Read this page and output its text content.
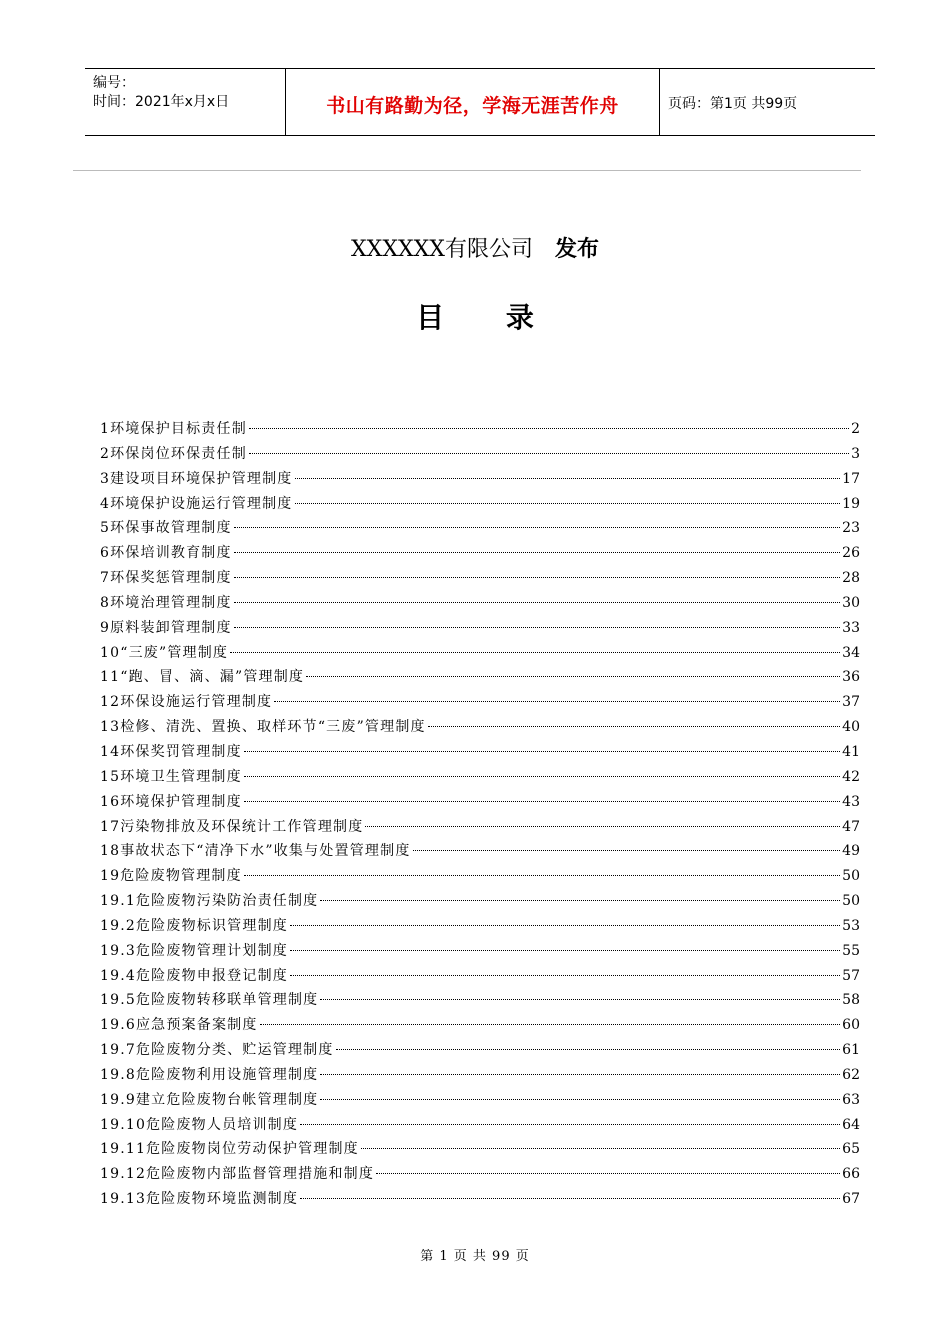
编号：
时间：2021年x月x日	书山有路勤为径，学海无涯苦作舟	页码：第1页 共99页
XXXXXX有限公司 发布
目 录
1环境保护目标责任制	2
2环保岗位环保责任制	3
3建设项目环境保护管理制度	17
4环境保护设施运行管理制度	19
5环保事故管理制度	23
6环保培训教育制度	26
7环保奖惩管理制度	28
8环境治理管理制度	30
9原料装卸管理制度	33
10“三废”管理制度	34
11“跑、冒、滴、漏”管理制度	36
12环保设施运行管理制度	37
13检修、清洗、置换、取样环节“三废”管理制度	40
14环保奖罚管理制度	41
15环境卫生管理制度	42
16环境保护管理制度	43
17污染物排放及环保统计工作管理制度	47
18事故状态下“清净下水”收集与处置管理制度	49
19危险废物管理制度	50
19.1危险废物污染防治责任制度	50
19.2危险废物标识管理制度	53
19.3危险废物管理计划制度	55
19.4危险废物申报登记制度	57
19.5危险废物转移联单管理制度	58
19.6应急预案备案制度	60
19.7危险废物分类、贮运管理制度	61
19.8危险废物利用设施管理制度	62
19.9建立危险废物台帐管理制度	63
19.10危险废物人员培训制度	64
19.11危险废物岗位劳动保护管理制度	65
19.12危险废物内部监督管理措施和制度	66
19.13危险废物环境监测制度	67
第 1 页 共 99 页
